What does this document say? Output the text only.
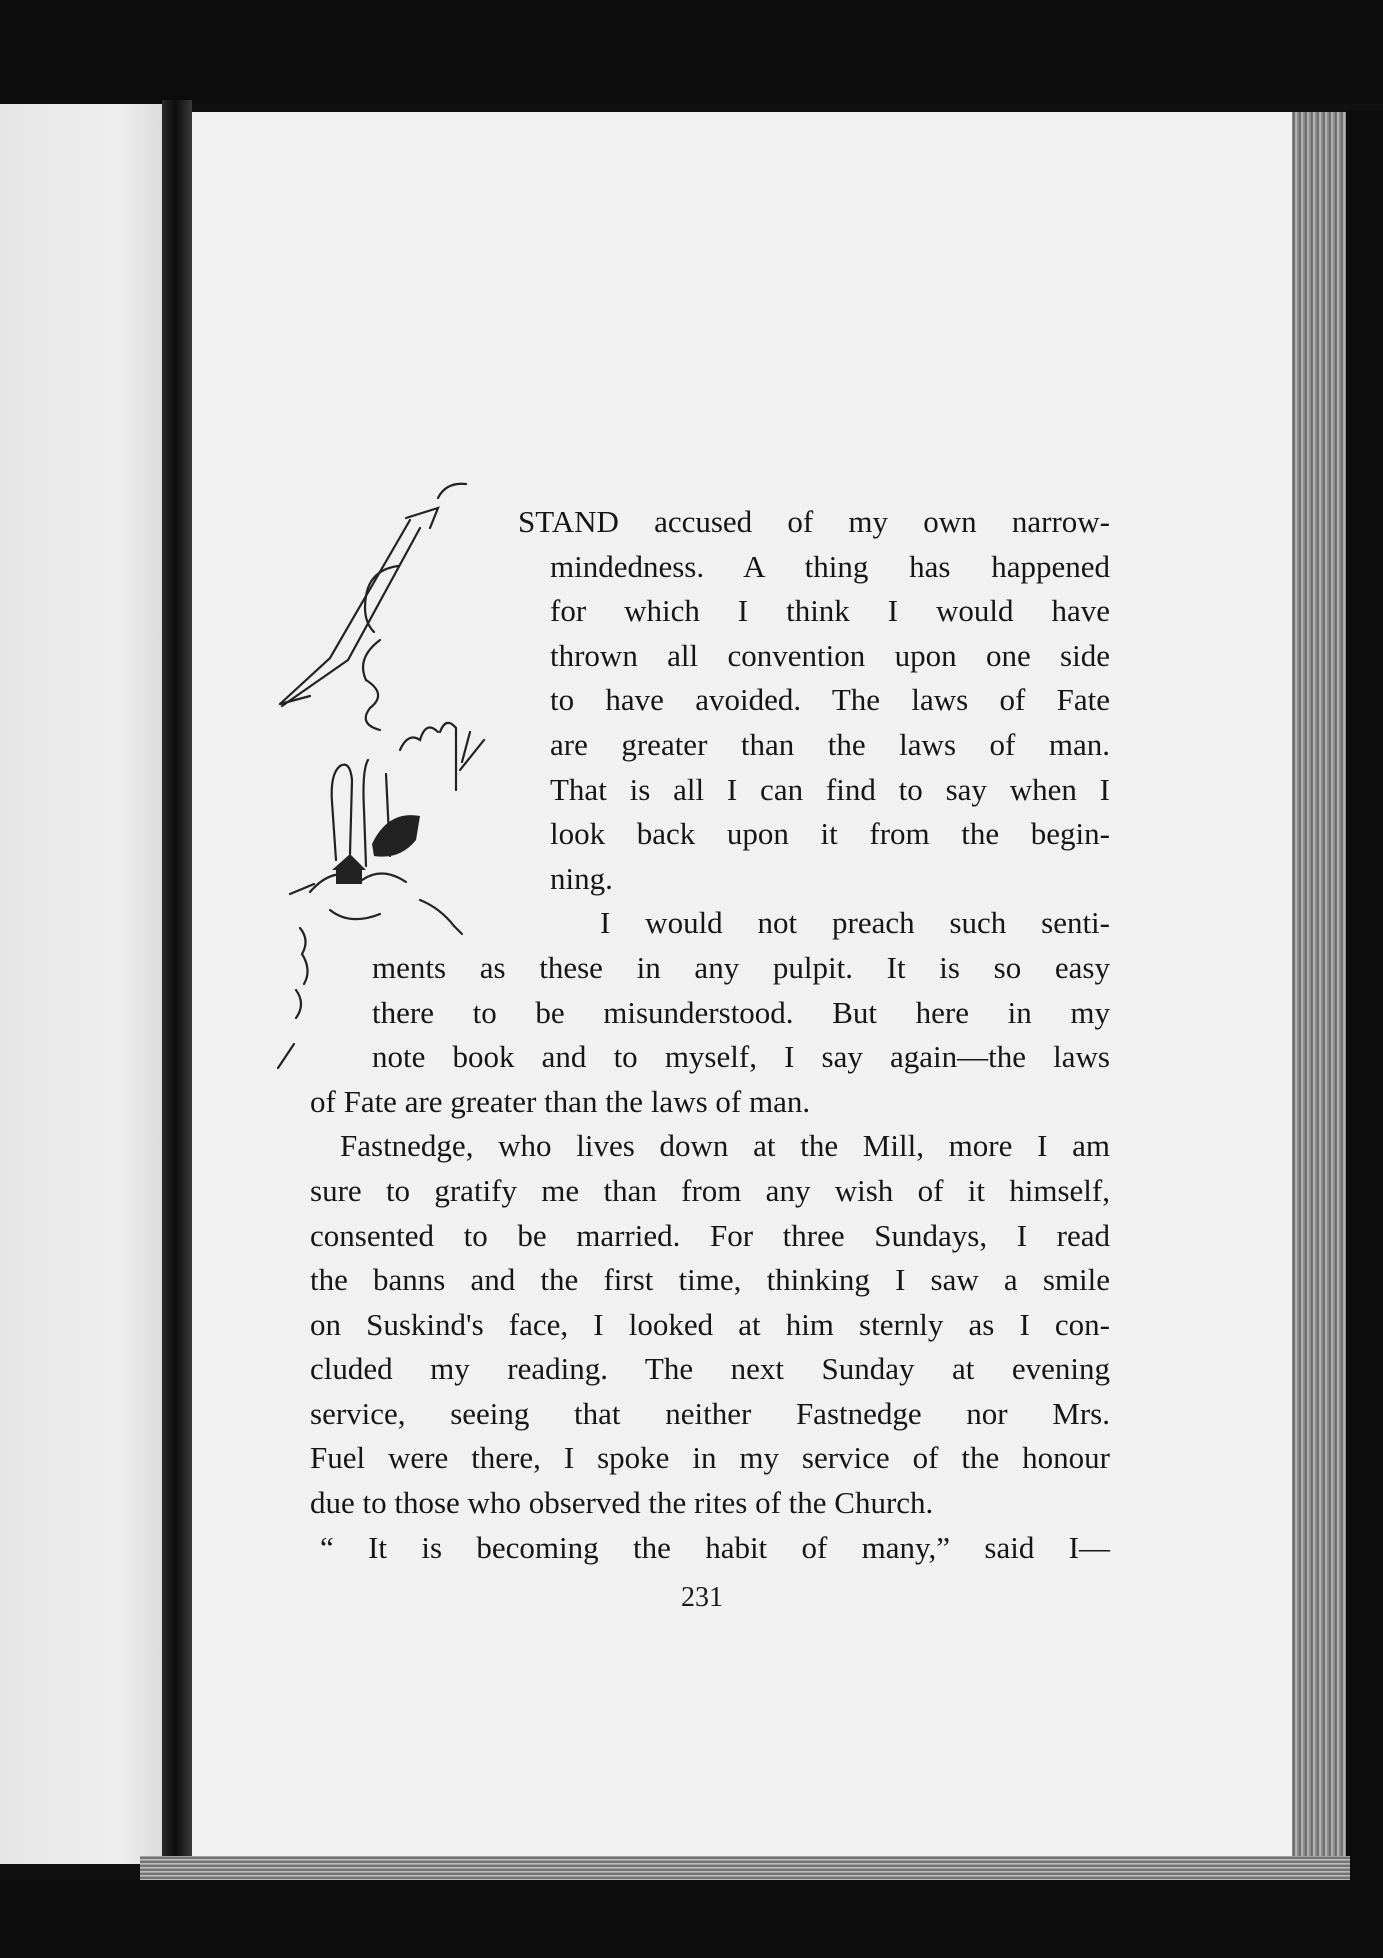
STAND accused of my own narrow-
mindedness. A thing has happened
for which I think I would have
thrown all convention upon one side
to have avoided. The laws of Fate
are greater than the laws of man.
That is all I can find to say when I
look back upon it from the begin-
ning.
I would not preach such senti-
ments as these in any pulpit. It is so easy
there to be misunderstood. But here in my
note book and to myself, I say again—the laws
of Fate are greater than the laws of man.
Fastnedge, who lives down at the Mill, more I am
sure to gratify me than from any wish of it himself,
consented to be married. For three Sundays, I read
the banns and the first time, thinking I saw a smile
on Suskind's face, I looked at him sternly as I con-
cluded my reading. The next Sunday at evening
service, seeing that neither Fastnedge nor Mrs.
Fuel were there, I spoke in my service of the honour
due to those who observed the rites of the Church.
“ It is becoming the habit of many,” said I—
231
